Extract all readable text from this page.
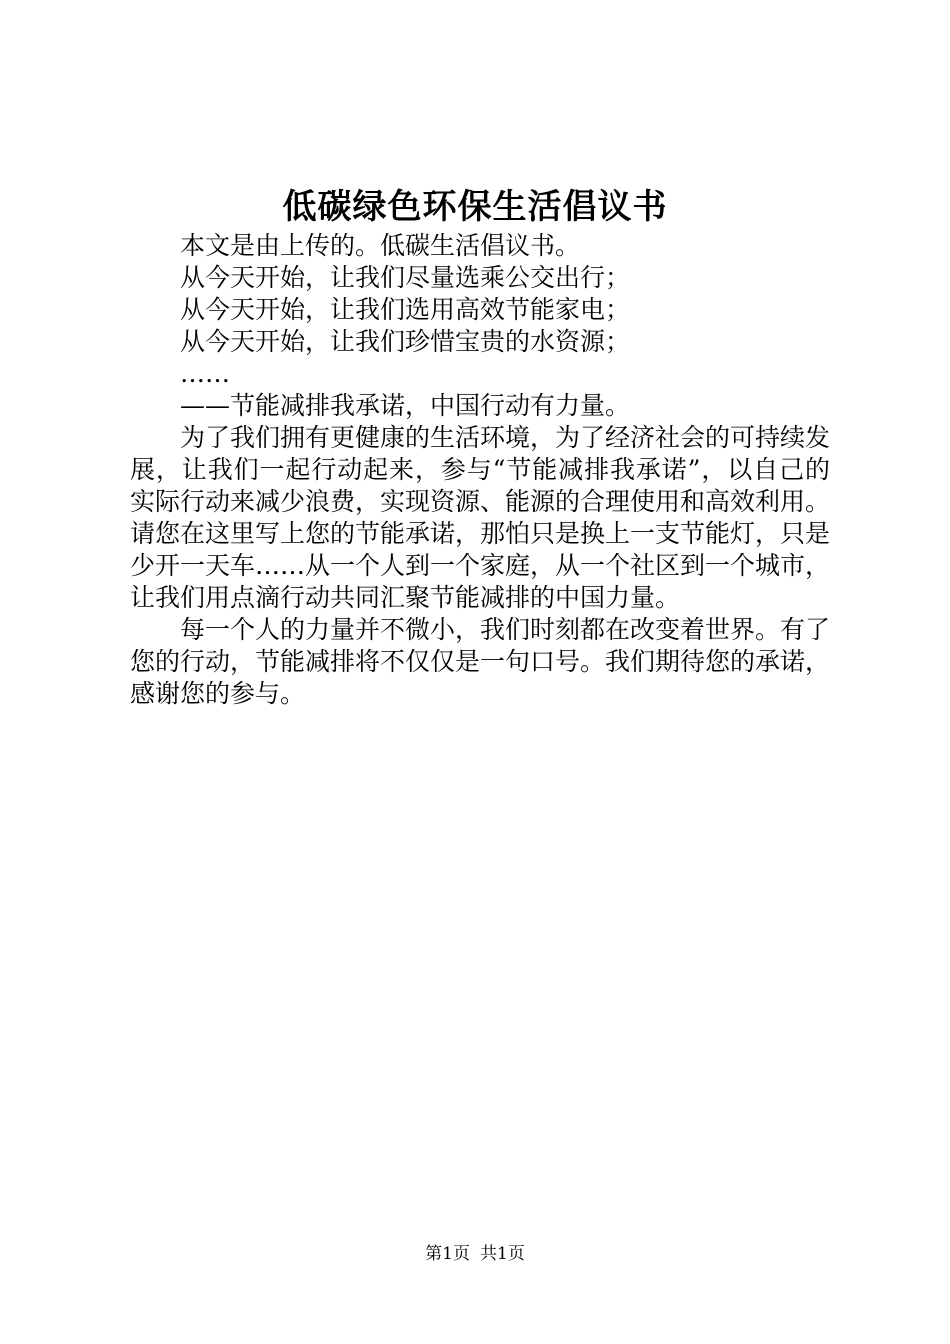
低碳绿色环保生活倡议书

本文是由上传的。低碳生活倡议书。

从今天开始，让我们尽量选乘公交出行；

从今天开始，让我们选用高效节能家电；

从今天开始，让我们珍惜宝贵的水资源；

……

——节能减排我承诺，中国行动有力量。

为了我们拥有更健康的生活环境，为了经济社会的可持续发展，让我们一起行动起来，参与“节能减排我承诺”，以自己的实际行动来减少浪费，实现资源、能源的合理使用和高效利用。请您在这里写上您的节能承诺，那怕只是换上一支节能灯，只是少开一天车……从一个人到一个家庭，从一个社区到一个城市，让我们用点滴行动共同汇聚节能减排的中国力量。

每一个人的力量并不微小，我们时刻都在改变着世界。有了您的行动，节能减排将不仅仅是一句口号。我们期待您的承诺，感谢您的参与。

第1页 共1页
